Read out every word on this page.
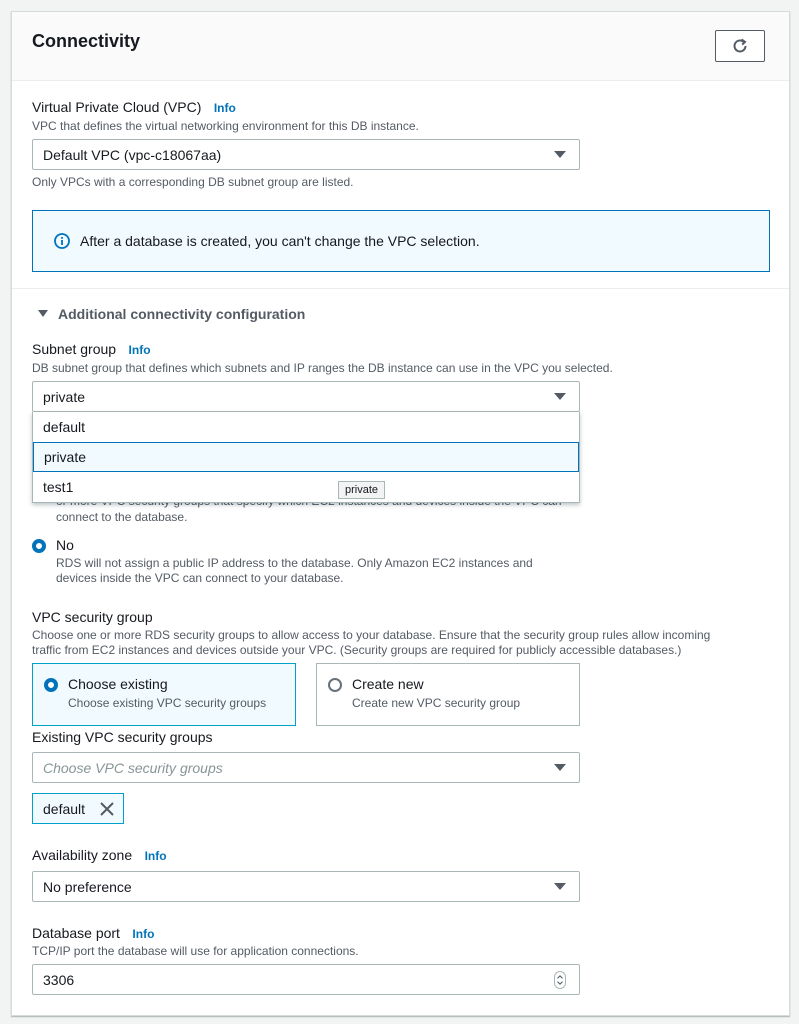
Connectivity
Virtual Private Cloud (VPC) Info
VPC that defines the virtual networking environment for this DB instance.
Default VPC (vpc-c18067aa)
Only VPCs with a corresponding DB subnet group are listed.
After a database is created, you can't change the VPC selection.
Additional connectivity configuration
Subnet group Info
DB subnet group that defines which subnets and IP ranges the DB instance can use in the VPC you selected.
private
default
private
test1	private
connect to the database.
No
RDS will not assign a public IP address to the database. Only Amazon EC2 instances and
devices inside the VPC can connect to your database.
VPC security group
Choose one or more RDS security groups to allow access to your database. Ensure that the security group rules allow incoming
traffic from EC2 instances and devices outside your VPC. (Security groups are required for publicly accessible databases.)
Choose existing
Choose existing VPC security groups
Create new
Create new VPC security group
Existing VPC security groups
Choose VPC security groups
default
Availability zone Info
No preference
Database port Info
TCP/IP port the database will use for application connections.
3306
